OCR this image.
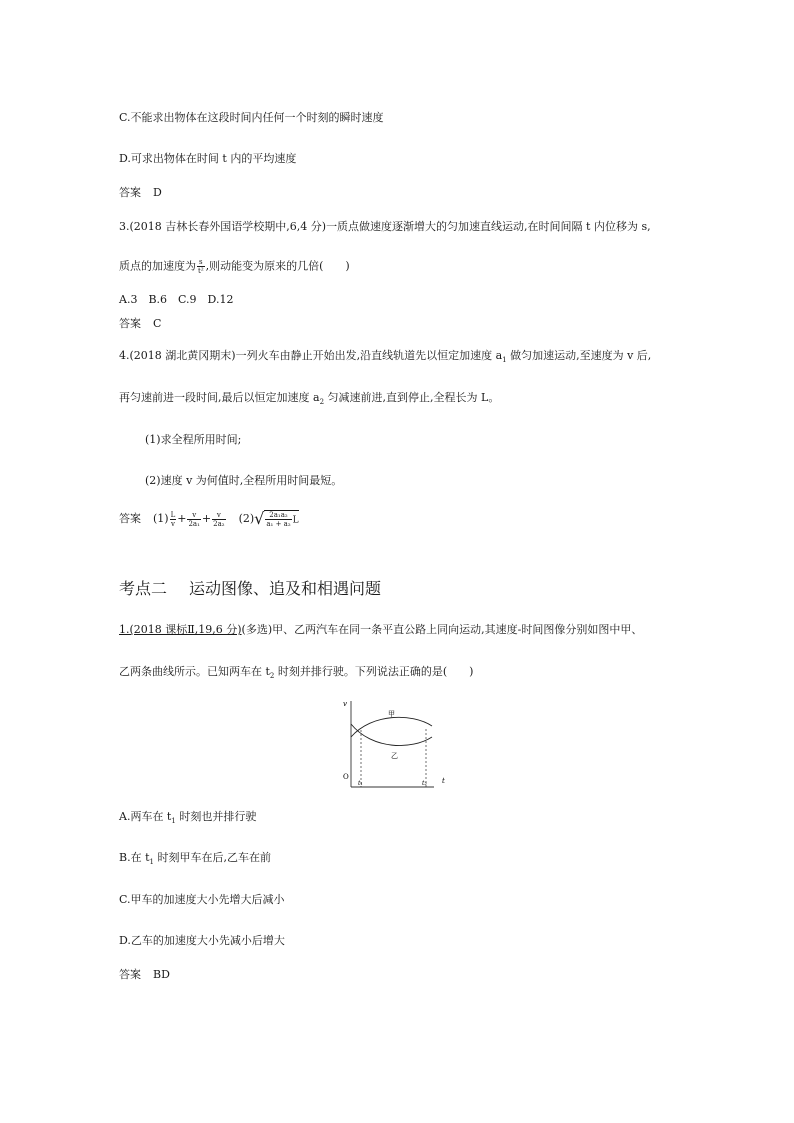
C.不能求出物体在这段时间内任何一个时刻的瞬时速度
D.可求出物体在时间 t 内的平均速度
答案 D
3.(2018 吉林长春外国语学校期中,6,4 分)一质点做速度逐渐增大的匀加速直线运动,在时间间隔 t 内位移为 s,
质点的加速度为 $\frac{s}{\text{t²}}$ ,则动能变为原来的几倍(　　)
A.3　B.6　C.9　D.12
答案 C
4.(2018 湖北黄冈期末)一列火车由静止开始出发,沿直线轨道先以恒定加速度 $a_1$ 做匀加速运动,至速度为 v 后,
再匀速前进一段时间,最后以恒定加速度 $a_2$ 匀减速前进,直到停止,全程长为 L。
(1)求全程所用时间;
(2)速度 v 为何值时,全程所用时间最短。
答案 $(1) \frac{L}{v} + \frac{v}{\text{2a₁}} + \frac{v}{\text{2a₂}} (2)√ \frac{\text{2a₁a₂}}{\text{a₁ + a₂}}$ L
考点二 运动图像、追及和相遇问题
1.(2018 课标Ⅱ,19,6 分)(多选)甲、乙两汽车在同一条平直公路上同向运动,其速度-时间图像分别如图中甲、
乙两条曲线所示。已知两车在 $t_2$ 时刻并排行驶。下列说法正确的是(　　)
v
O	t
甲
乙
t₁	t₂
A.两车在 $t_1$ 时刻也并排行驶
B.在 $t_1$ 时刻甲车在后,乙车在前
C.甲车的加速度大小先增大后减小
D.乙车的加速度大小先减小后增大
答案 BD
